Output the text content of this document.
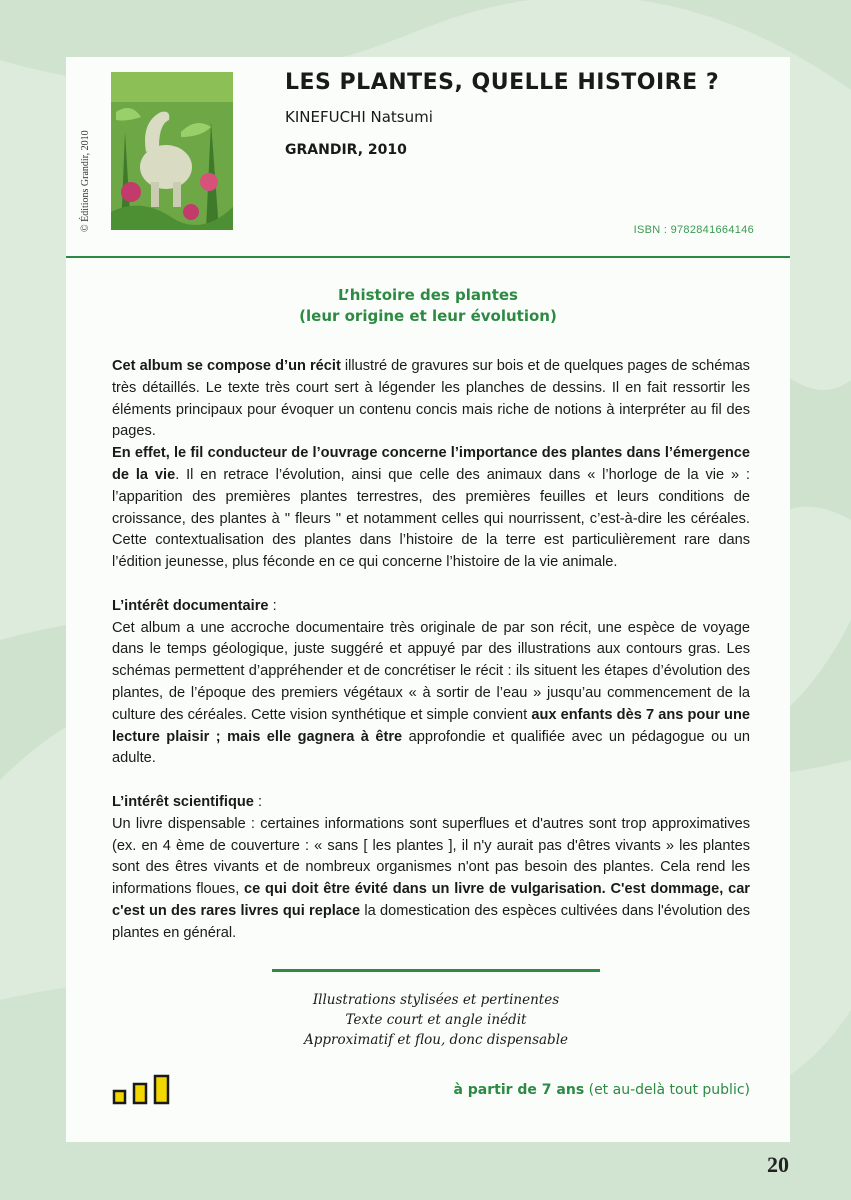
© Éditions Grandir, 2010
LES PLANTES, QUELLE HISTOIRE ?
KINEFUCHI Natsumi
GRANDIR, 2010
ISBN : 9782841664146
L’histoire des plantes
(leur origine et leur évolution)

Cet album se compose d’un récit illustré de gravures sur bois et de quelques pages de schémas très détaillés. Le texte très court sert à légender les planches de dessins. Il en fait ressortir les éléments principaux pour évoquer un contenu concis mais riche de notions à interpréter au fil des pages.

En effet, le fil conducteur de l’ouvrage concerne l’importance des plantes dans l’émergence de la vie. Il en retrace l’évolution, ainsi que celle des animaux dans « l’horloge de la vie » : l’apparition des premières plantes terrestres, des premières feuilles et leurs conditions de croissance, des plantes à " fleurs " et notamment celles qui nourrissent, c’est-à-dire les céréales. Cette contextualisation des plantes dans l’histoire de la terre est particulièrement rare dans l’édition jeunesse, plus féconde en ce qui concerne l’histoire de la vie animale.

L’intérêt documentaire :

Cet album a une accroche documentaire très originale de par son récit, une espèce de voyage dans le temps géologique, juste suggéré et appuyé par des illustrations aux contours gras. Les schémas permettent d’appréhender et de concrétiser le récit : ils situent les étapes d’évolution des plantes, de l’époque des premiers végétaux « à sortir de l’eau » jusqu’au commencement de la culture des céréales. Cette vision synthétique et simple convient aux enfants dès 7 ans pour une lecture plaisir ; mais elle gagnera à être approfondie et qualifiée avec un pédagogue ou un adulte.

L’intérêt scientifique :

Un livre dispensable : certaines informations sont superflues et d'autres sont trop approximatives (ex. en 4 ème de couverture : « sans [ les plantes ], il n'y aurait pas d'êtres vivants » les plantes sont des êtres vivants et de nombreux organismes n'ont pas besoin des plantes. Cela rend les informations floues, ce qui doit être évité dans un livre de vulgarisation. C'est dommage, car c'est un des rares livres qui replace la domestication des espèces cultivées dans l'évolution des plantes en général.

Illustrations stylisées et pertinentes
Texte court et angle inédit
Approximatif et flou, donc dispensable
à partir de 7 ans (et au-delà tout public)
20
